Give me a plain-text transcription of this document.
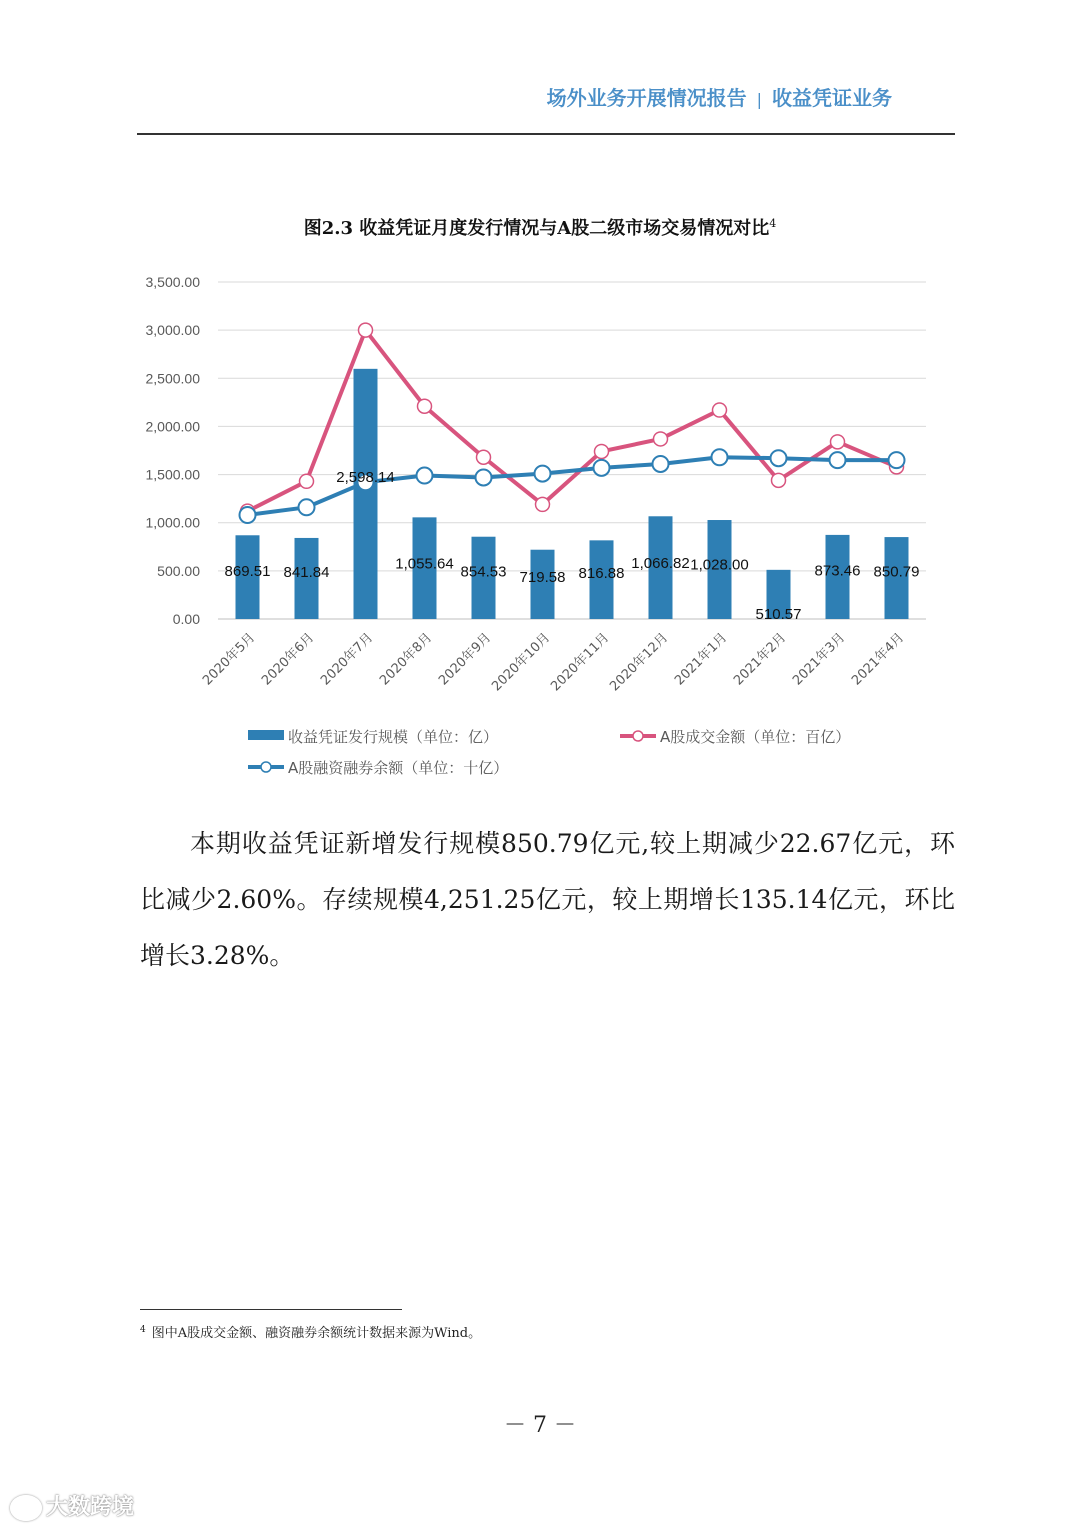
场外业务开展情况报告 | 收益凭证业务
图2.3 收益凭证月度发行情况与A股二级市场交易情况对比$^4$
0.00
500.00
1,000.00
1,500.00
2,000.00
2,500.00
3,000.00
3,500.00
869.51 841.84
2,598.14
1,055.64 854.53 719.58 816.88
1,066.82 1,028.00
510.57
873.46 850.79
2020年5月 2020年6月 2020年7月 2020年8月 2020年9月
2020年10月
2020年11月
2020年12月 2021年1月 2021年2月 2021年3月 2021年4月
收益凭证发行规模（单位：亿）	A股成交金额（单位：百亿）
A股融资融券余额（单位：十亿）

本期收益凭证新增发行规模850.79亿元,较上期减少22.67亿元，环比减少2.60%。存续规模4,251.25亿元，较上期增长135.14亿元，环比增长3.28%。

$^4$ 图中A股成交金额、融资融券余额统计数据来源为Wind。
－ 7 －
大数跨境
